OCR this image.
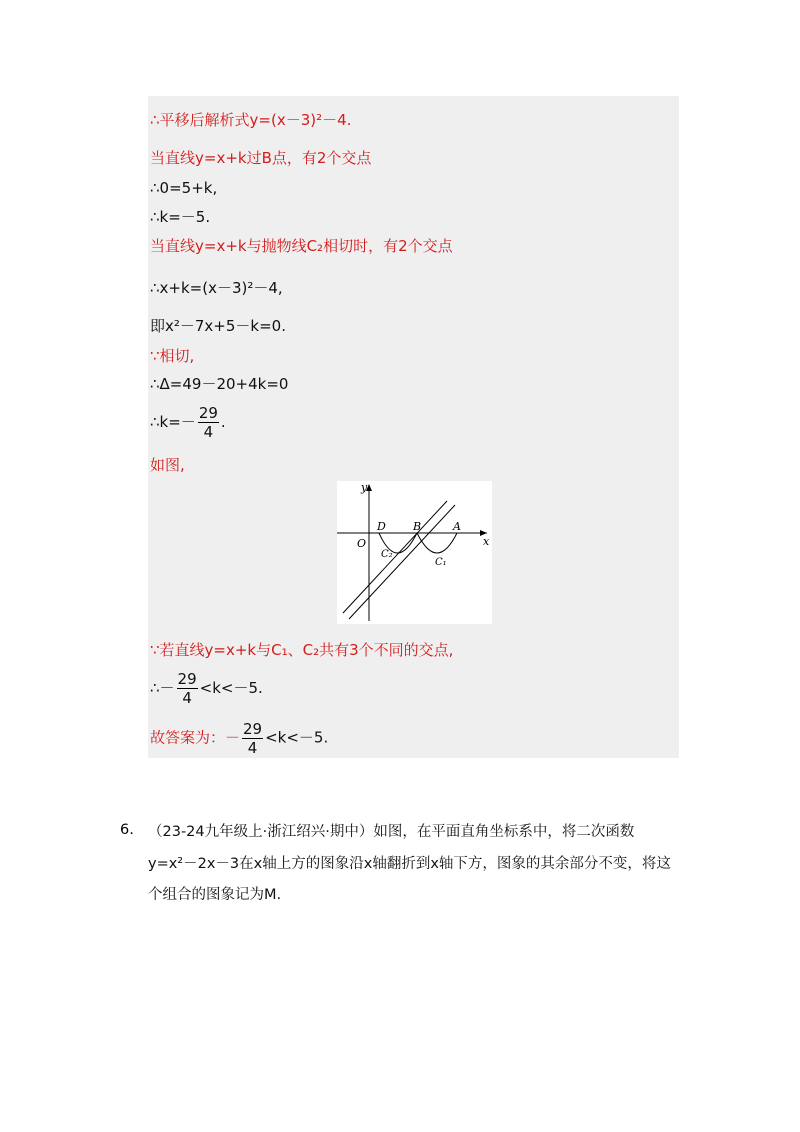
∴平移后解析式y=(x－3)²－4.
当直线y=x+k过B点，有2个交点
∴0=5+k,
∴k=－5.
当直线y=x+k与抛物线C₂相切时，有2个交点
∴x+k=(x－3)²－4,
即x²－7x+5－k=0.
∵相切,
∴Δ=49－20+4k=0
∴k=－ $\frac{29}{4}$ .
如图,
y
x
O
D B	A
C₂
C₁
∵若直线y=x+k与C₁、C₂共有3个不同的交点,
∴－ $\frac{29}{4} <k<-5$.
故答案为：－ $\frac{29}{4} <k<-5$.
6. （23-24九年级上·浙江绍兴·期中）如图，在平面直角坐标系中，将二次函数
y=x²－2x－3在x轴上方的图象沿x轴翻折到x轴下方，图象的其余部分不变，将这
个组合的图象记为M.
